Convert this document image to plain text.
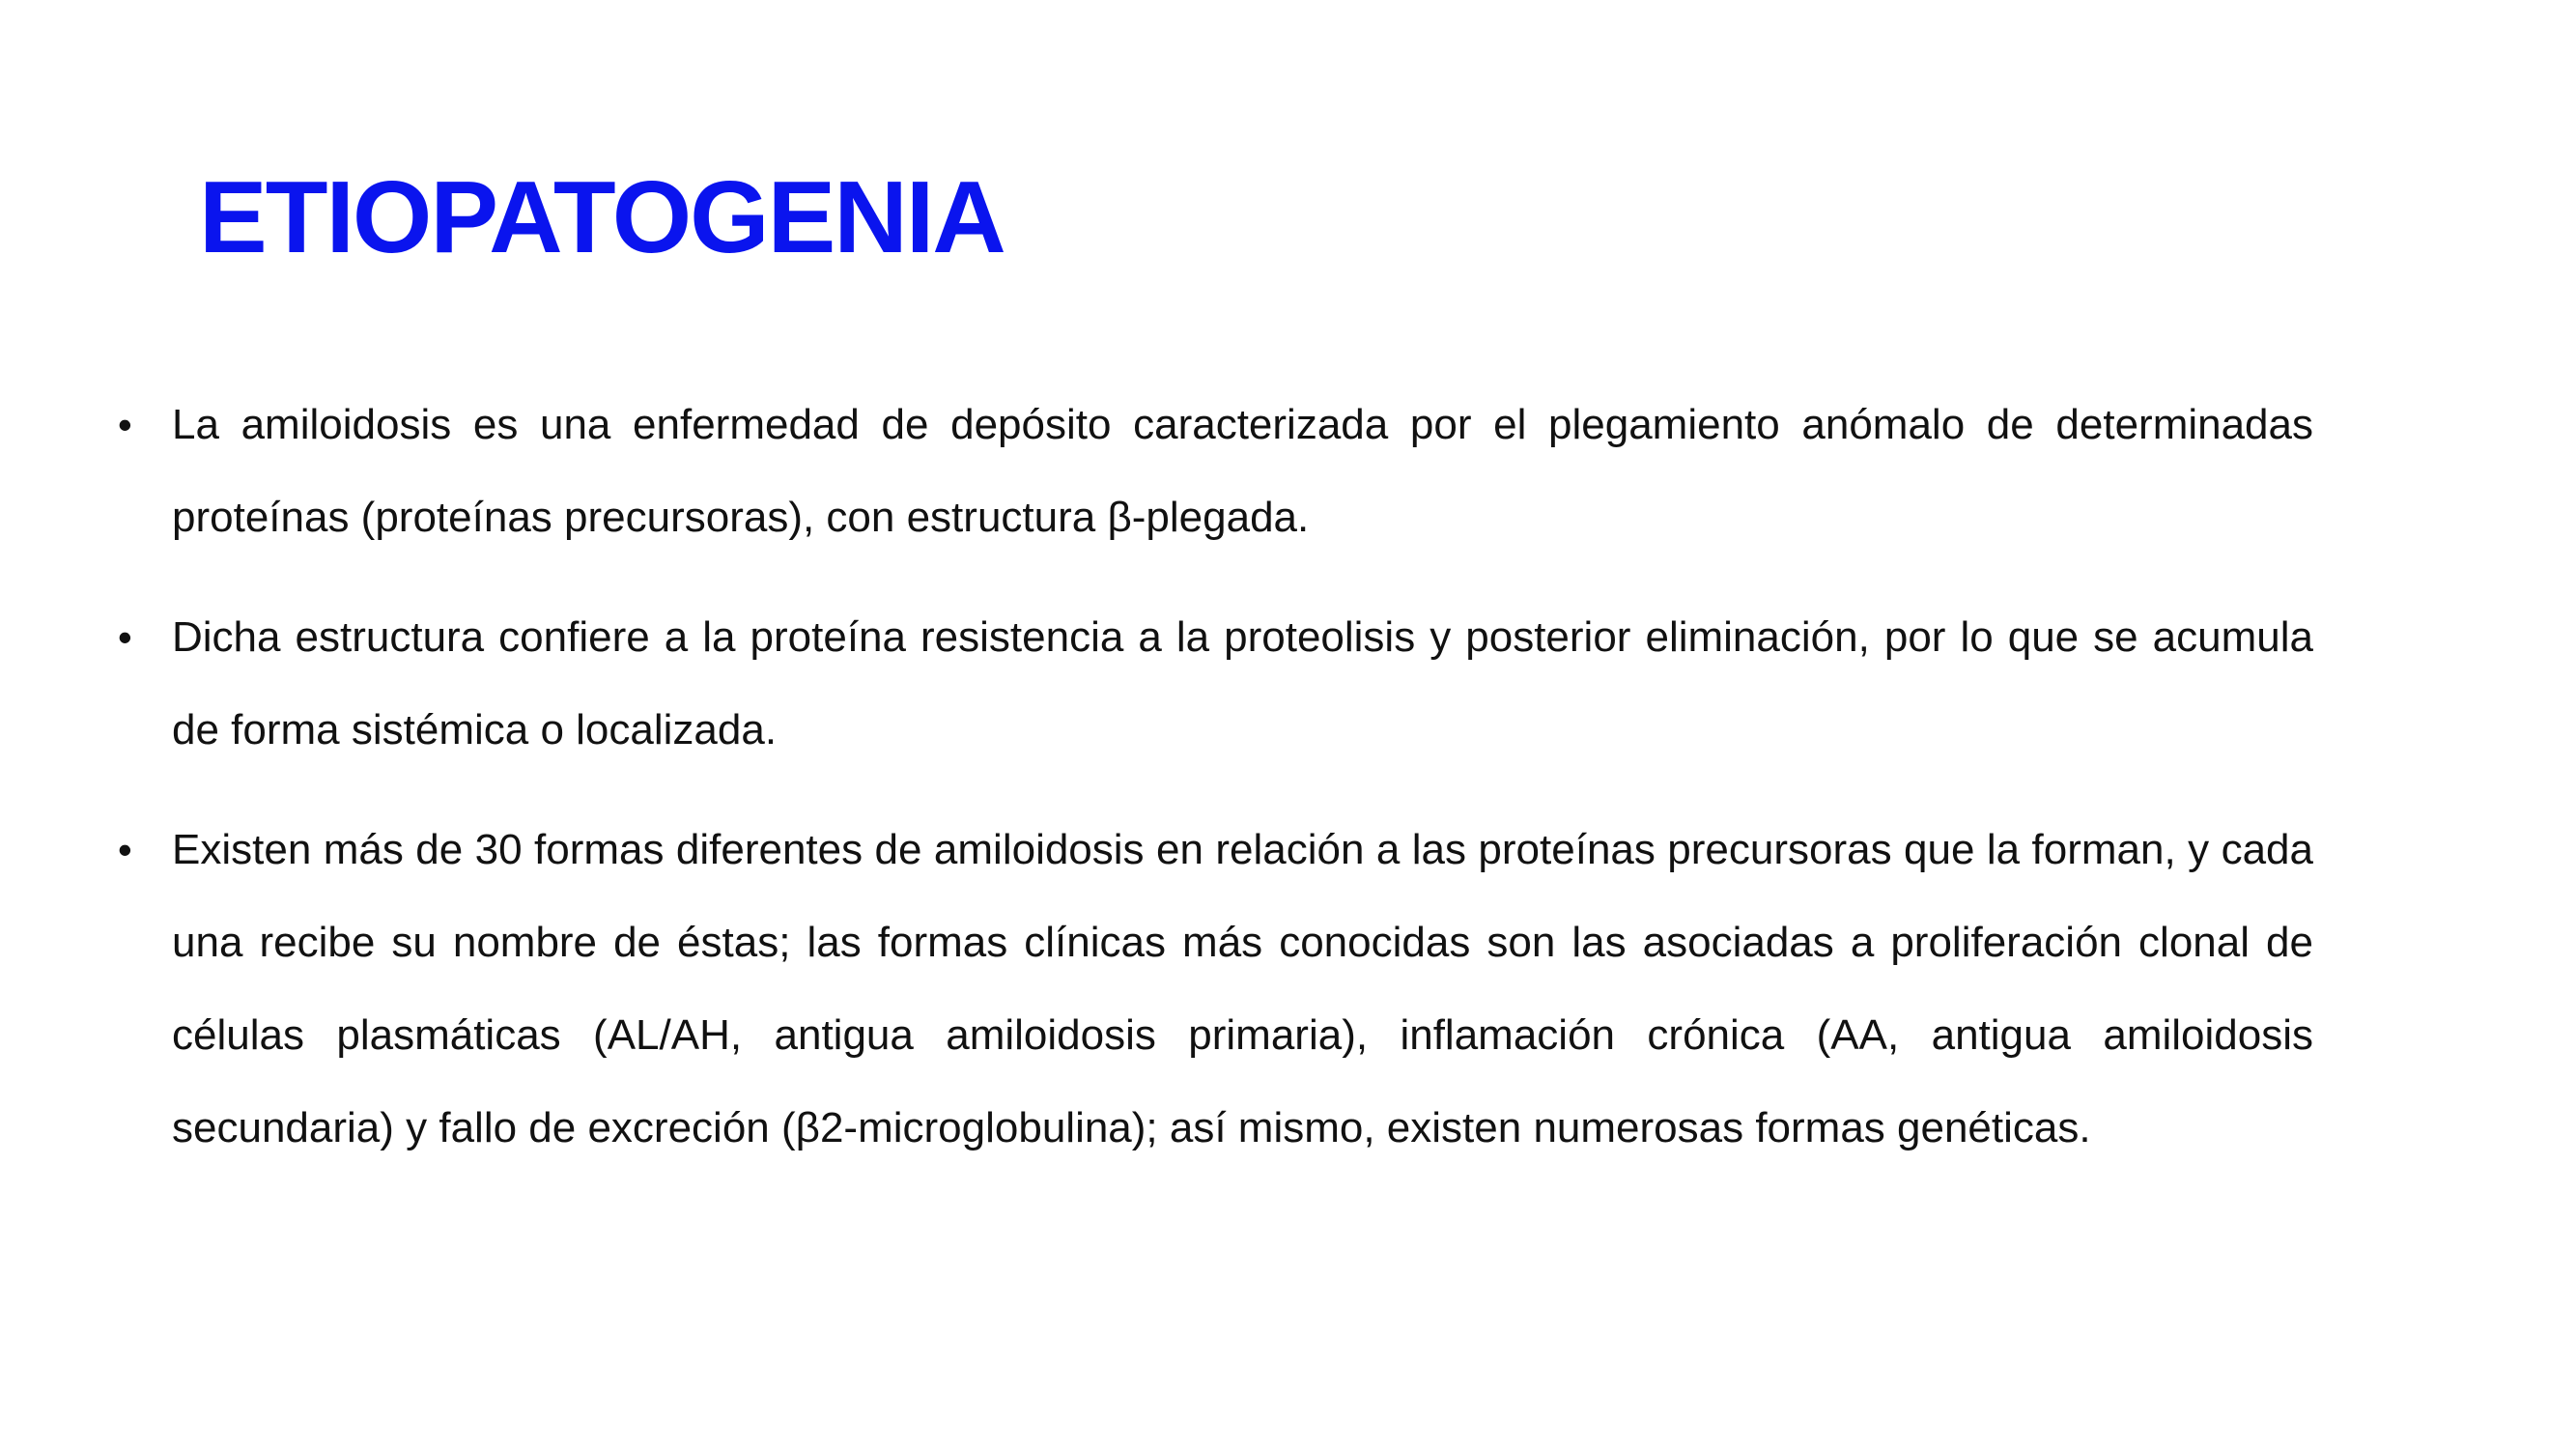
ETIOPATOGENIA
• La amiloidosis es una enfermedad de depósito caracterizada por el plegamiento anómalo de determinadas proteínas (proteínas precursoras), con estructura β-plegada.
• Dicha estructura confiere a la proteína resistencia a la proteolisis y posterior eliminación, por lo que se acumula de forma sistémica o localizada.
• Existen más de 30 formas diferentes de amiloidosis en relación a las proteínas precursoras que la forman, y cada una recibe su nombre de éstas; las formas clínicas más conocidas son las asociadas a proliferación clonal de células plasmáticas (AL/AH, antigua amiloidosis primaria), inflamación crónica (AA, antigua amiloidosis secundaria) y fallo de excreción (β2-microglobulina); así mismo, existen numerosas formas genéticas.
